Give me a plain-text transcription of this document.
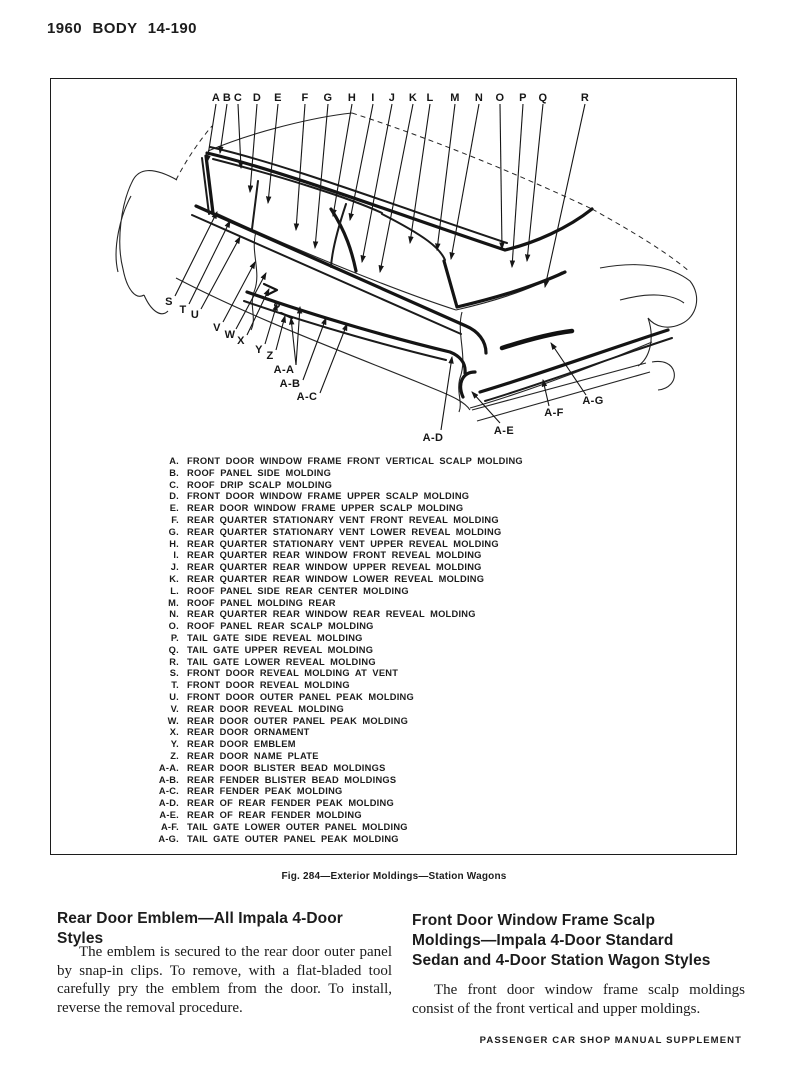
1960 BODY 14-190
A B C D E F G H I J K L M N O P Q	R
S
T U
V
W X
Y Z
A-A
A-B
A-C
A-D
A-E
A-F
A-G
A. FRONT DOOR WINDOW FRAME FRONT VERTICAL SCALP MOLDING
B. ROOF PANEL SIDE MOLDING
C. ROOF DRIP SCALP MOLDING
D. FRONT DOOR WINDOW FRAME UPPER SCALP MOLDING
E. REAR DOOR WINDOW FRAME UPPER SCALP MOLDING
F. REAR QUARTER STATIONARY VENT FRONT REVEAL MOLDING
G. REAR QUARTER STATIONARY VENT LOWER REVEAL MOLDING
H. REAR QUARTER STATIONARY VENT UPPER REVEAL MOLDING
I. REAR QUARTER REAR WINDOW FRONT REVEAL MOLDING
J. REAR QUARTER REAR WINDOW UPPER REVEAL MOLDING
K. REAR QUARTER REAR WINDOW LOWER REVEAL MOLDING
L. ROOF PANEL SIDE REAR CENTER MOLDING
M. ROOF PANEL MOLDING REAR
N. REAR QUARTER REAR WINDOW REAR REVEAL MOLDING
O. ROOF PANEL REAR SCALP MOLDING
P. TAIL GATE SIDE REVEAL MOLDING
Q. TAIL GATE UPPER REVEAL MOLDING
R. TAIL GATE LOWER REVEAL MOLDING
S. FRONT DOOR REVEAL MOLDING AT VENT
T. FRONT DOOR REVEAL MOLDING
U. FRONT DOOR OUTER PANEL PEAK MOLDING
V. REAR DOOR REVEAL MOLDING
W. REAR DOOR OUTER PANEL PEAK MOLDING
X. REAR DOOR ORNAMENT
Y. REAR DOOR EMBLEM
Z. REAR DOOR NAME PLATE
A-A. REAR DOOR BLISTER BEAD MOLDINGS
A-B. REAR FENDER BLISTER BEAD MOLDINGS
A-C. REAR FENDER PEAK MOLDING
A-D. REAR OF REAR FENDER PEAK MOLDING
A-E. REAR OF REAR FENDER MOLDING
A-F. TAIL GATE LOWER OUTER PANEL MOLDING
A-G. TAIL GATE OUTER PANEL PEAK MOLDING
Fig. 284—Exterior Moldings—Station Wagons
Rear Door Emblem—All Impala 4-Door Styles
The emblem is secured to the rear door outer panel by snap-in clips. To remove, with a flat-bladed tool carefully pry the emblem from the door. To install, reverse the removal procedure.
Front Door Window Frame Scalp
Moldings—Impala 4-Door Standard
Sedan and 4-Door Station Wagon Styles
The front door window frame scalp moldings consist of the front vertical and upper moldings.
PASSENGER CAR SHOP MANUAL SUPPLEMENT
